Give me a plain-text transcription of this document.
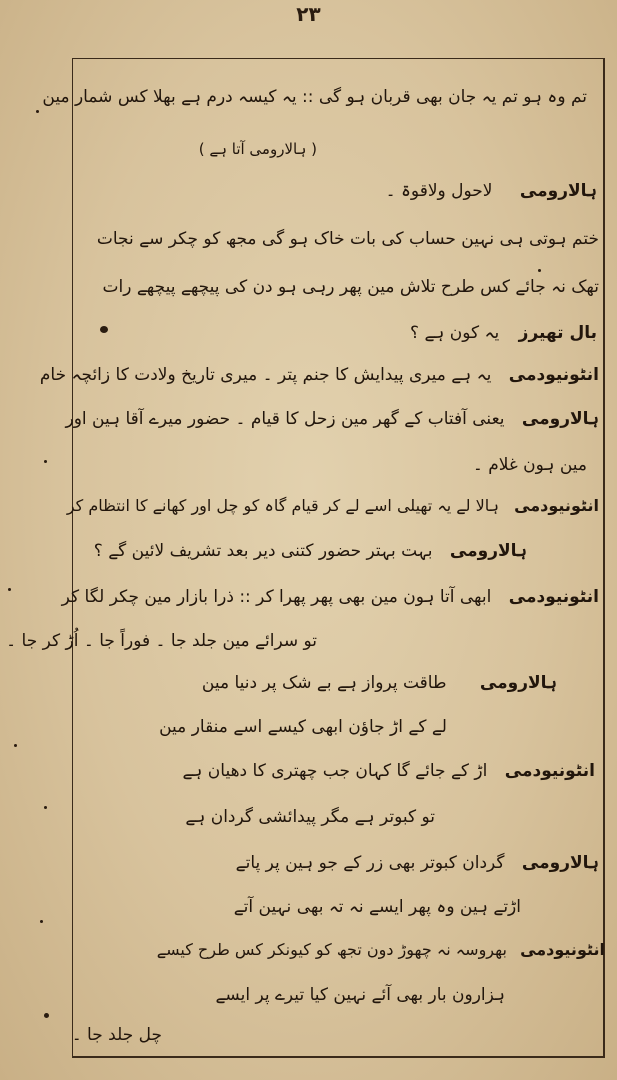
۲۳
تم وہ ہو تم یہ جان بھی قربان ہو گی :: یہ کیسہ درم ہے بھلا کس شمار مین
( ہالارومی آتا ہے )
ہالارومی لاحول ولاقوۃ ۔
ختم ہوتی ہی نہین حساب کی بات خاک ہو گی مجھ کو چکر سے نجات
تھک نہ جائے کس طرح تلاش مین پھر رہی ہو دن کی پیچھے پیچھے رات
بال تھیرز یہ کون ہے ؟
انٹونیودمی یہ ہے میری پیدایش کا جنم پتر ۔ میری تاریخ ولادت کا زائچہ خام
ہالارومی یعنی آفتاب کے گھر مین زحل کا قیام ۔ حضور میرے آقا ہین اور
مین ہون غلام ۔
انٹونیودمی ہالا لے یہ تھیلی اسے لے کر قیام گاہ کو چل اور کھانے کا انتظام کر
ہالارومی بہت بہتر حضور کتنی دیر بعد تشریف لائین گے ؟
انٹونیودمی ابھی آتا ہون مین بھی پھر پھرا کر :: ذرا بازار مین چکر لگا کر
تو سرائے مین جلد جا ۔ فوراً جا ۔ اُڑ کر جا ۔
ہالارومی طاقت پرواز ہے بے شک پر دنیا مین
لے کے اڑ جاؤن ابھی کیسے اسے منقار مین
انٹونیودمی اڑ کے جائے گا کہان جب چھتری کا دھیان ہے
تو کبوتر ہے مگر پیدائشی گردان ہے
ہالارومی گردان کبوتر بھی زر کے جو ہین پر پاتے
اڑتے ہین وہ پھر ایسے نہ تہ بھی نہین آتے
انٹونیودمی بھروسہ نہ چھوڑ دون تجھ کو کیونکر کس طرح کیسے
ہزارون بار بھی آئے نہین کیا تیرے پر ایسے
چل جلد جا ۔
